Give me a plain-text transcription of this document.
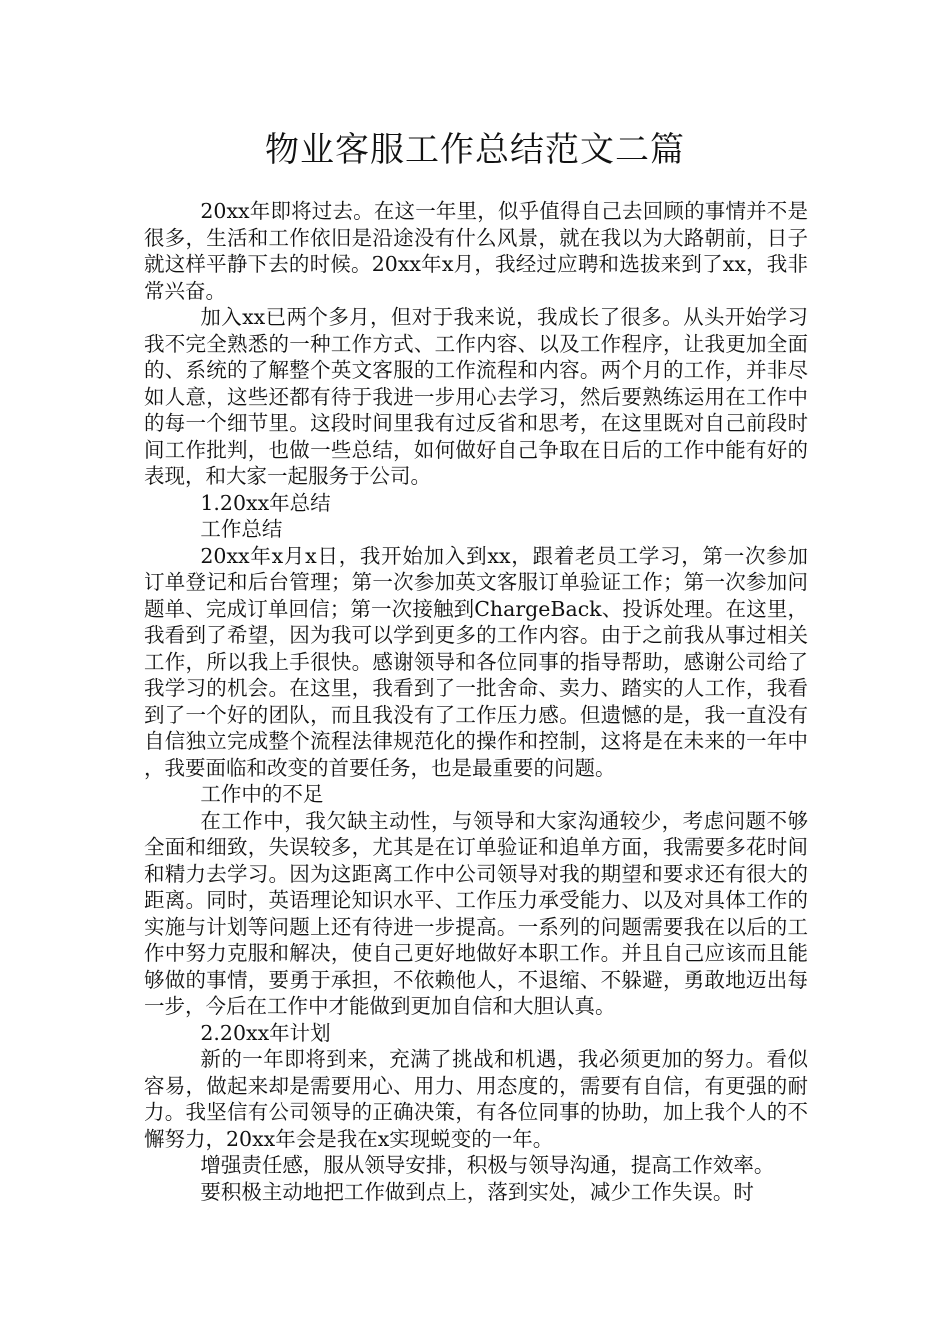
物业客服工作总结范文二篇

20xx年即将过去。在这一年里，似乎值得自己去回顾的事情并不是很多，生活和工作依旧是沿途没有什么风景，就在我以为大路朝前，日子就这样平静下去的时候。20xx年x月，我经过应聘和选拔来到了xx，我非常兴奋。

加入xx已两个多月，但对于我来说，我成长了很多。从头开始学习我不完全熟悉的一种工作方式、工作内容、以及工作程序，让我更加全面的、系统的了解整个英文客服的工作流程和内容。两个月的工作，并非尽如人意，这些还都有待于我进一步用心去学习，然后要熟练运用在工作中的每一个细节里。这段时间里我有过反省和思考，在这里既对自己前段时间工作批判，也做一些总结，如何做好自己争取在日后的工作中能有好的表现，和大家一起服务于公司。

1.20xx年总结

工作总结

20xx年x月x日，我开始加入到xx，跟着老员工学习，第一次参加订单登记和后台管理；第一次参加英文客服订单验证工作；第一次参加问题单、完成订单回信；第一次接触到ChargeBack、投诉处理。在这里，我看到了希望，因为我可以学到更多的工作内容。由于之前我从事过相关工作，所以我上手很快。感谢领导和各位同事的指导帮助，感谢公司给了我学习的机会。在这里，我看到了一批舍命、卖力、踏实的人工作，我看到了一个好的团队，而且我没有了工作压力感。但遗憾的是，我一直没有自信独立完成整个流程法律规范化的操作和控制，这将是在未来的一年中，我要面临和改变的首要任务，也是最重要的问题。

工作中的不足

在工作中，我欠缺主动性，与领导和大家沟通较少，考虑问题不够全面和细致，失误较多，尤其是在订单验证和追单方面，我需要多花时间和精力去学习。因为这距离工作中公司领导对我的期望和要求还有很大的距离。同时，英语理论知识水平、工作压力承受能力、以及对具体工作的实施与计划等问题上还有待进一步提高。一系列的问题需要我在以后的工作中努力克服和解决，使自己更好地做好本职工作。并且自己应该而且能够做的事情，要勇于承担，不依赖他人，不退缩、不躲避，勇敢地迈出每一步，今后在工作中才能做到更加自信和大胆认真。

2.20xx年计划

新的一年即将到来，充满了挑战和机遇，我必须更加的努力。看似容易，做起来却是需要用心、用力、用态度的，需要有自信，有更强的耐力。我坚信有公司领导的正确决策，有各位同事的协助，加上我个人的不懈努力，20xx年会是我在x实现蜕变的一年。

增强责任感，服从领导安排，积极与领导沟通，提高工作效率。

要积极主动地把工作做到点上，落到实处，减少工作失误。时
